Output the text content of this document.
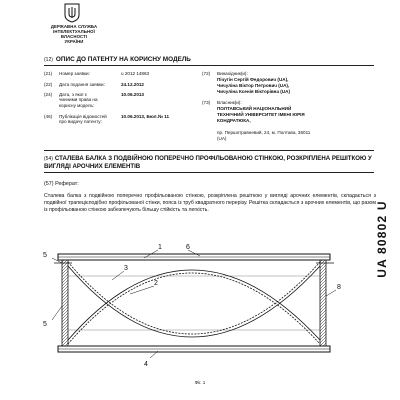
ДЕРЖАВНА СЛУЖБА
ІНТЕЛЕКТУАЛЬНОЇ
ВЛАСНОСТІ
УКРАЇНИ
(12) ОПИС ДО ПАТЕНТУ НА КОРИСНУ МОДЕЛЬ
(21) Номер заявки:	u 2012 14863
(22) Дата подання заявки:	24.12.2012
(24) Дата, з якої є чинними права на корисну модель:
10.06.2013
(46) Публікація відомостей про видачу патенту:
10.06.2013, Бюл.№ 11
(72) Винахідник(и):
Пічугін Сергій Федорович (UA),
Чичуліна Віктор Петрович (UA),
Чичуліна Ксенія Вікторівна (UA)
(73) Власник(и):
ПОЛТАВСЬКИЙ НАЦІОНАЛЬНИЙ
ТЕХНІЧНИЙ УНІВЕРСИТЕТ ІМЕНІ ЮРІЯ
КОНДРАТЮКА,
пр. Першотравневий, 24, м. Полтава, 36011
(UA)
(54) СТАЛЕВА БАЛКА З ПОДВІЙНОЮ ПОПЕРЕЧНО ПРОФІЛЬОВАНОЮ СТІНКОЮ, РОЗКРІПЛЕНА РЕШІТКОЮ У ВИГЛЯДІ АРОЧНИХ ЕЛЕМЕНТІВ
(57) Реферат:
Сталева балка з подвійною поперечно профільованою стінкою, розкріплена решіткою у вигляді арочних елементів, складається з подвійної трапецієподібно профільованої стінки, пояса із труб квадратного перерізу. Решітка складається з арочних елементів, що разом із профільованою стінкою забезпечують більшу стійкість та легкість.	UA 80802 U
1	6
3
2
5
5
8
4
Фіг. 1
